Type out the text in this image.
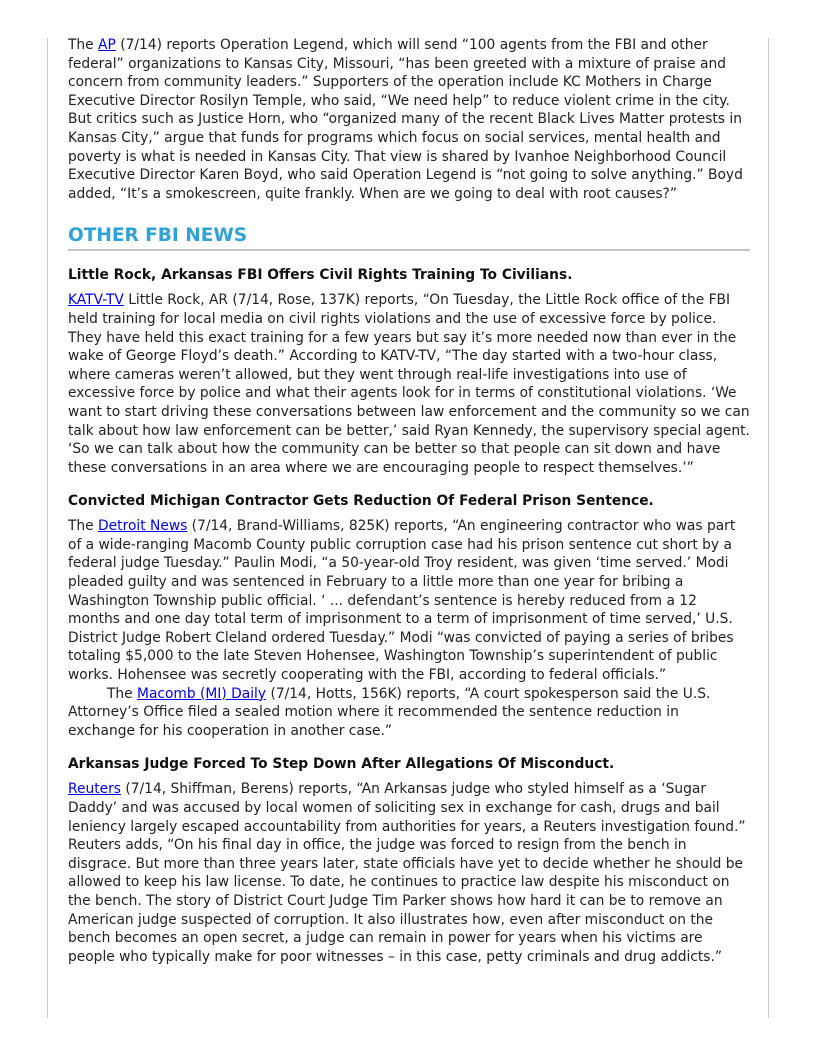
The AP (7/14) reports Operation Legend, which will send “100 agents from the FBI and other federal” organizations to Kansas City, Missouri, “has been greeted with a mixture of praise and concern from community leaders.” Supporters of the operation include KC Mothers in Charge Executive Director Rosilyn Temple, who said, “We need help” to reduce violent crime in the city. But critics such as Justice Horn, who “organized many of the recent Black Lives Matter protests in Kansas City,” argue that funds for programs which focus on social services, mental health and poverty is what is needed in Kansas City. That view is shared by Ivanhoe Neighborhood Council Executive Director Karen Boyd, who said Operation Legend is “not going to solve anything.” Boyd added, “It’s a smokescreen, quite frankly. When are we going to deal with root causes?”

OTHER FBI NEWS
Little Rock, Arkansas FBI Offers Civil Rights Training To Civilians.

KATV-TV Little Rock, AR (7/14, Rose, 137K) reports, “On Tuesday, the Little Rock office of the FBI held training for local media on civil rights violations and the use of excessive force by police. They have held this exact training for a few years but say it’s more needed now than ever in the wake of George Floyd’s death.” According to KATV-TV, “The day started with a two-hour class, where cameras weren’t allowed, but they went through real-life investigations into use of excessive force by police and what their agents look for in terms of constitutional violations. ‘We want to start driving these conversations between law enforcement and the community so we can talk about how law enforcement can be better,’ said Ryan Kennedy, the supervisory special agent. ‘So we can talk about how the community can be better so that people can sit down and have these conversations in an area where we are encouraging people to respect themselves.’”

Convicted Michigan Contractor Gets Reduction Of Federal Prison Sentence.

The Detroit News (7/14, Brand-Williams, 825K) reports, “An engineering contractor who was part of a wide-ranging Macomb County public corruption case had his prison sentence cut short by a federal judge Tuesday.” Paulin Modi, “a 50-year-old Troy resident, was given ‘time served.’ Modi pleaded guilty and was sentenced in February to a little more than one year for bribing a Washington Township public official. ‘ ... defendant’s sentence is hereby reduced from a 12 months and one day total term of imprisonment to a term of imprisonment of time served,’ U.S. District Judge Robert Cleland ordered Tuesday.” Modi “was convicted of paying a series of bribes totaling $5,000 to the late Steven Hohensee, Washington Township’s superintendent of public works. Hohensee was secretly cooperating with the FBI, according to federal officials.”

The Macomb (MI) Daily (7/14, Hotts, 156K) reports, “A court spokesperson said the U.S. Attorney’s Office filed a sealed motion where it recommended the sentence reduction in exchange for his cooperation in another case.”

Arkansas Judge Forced To Step Down After Allegations Of Misconduct.

Reuters (7/14, Shiffman, Berens) reports, “An Arkansas judge who styled himself as a ‘Sugar Daddy’ and was accused by local women of soliciting sex in exchange for cash, drugs and bail leniency largely escaped accountability from authorities for years, a Reuters investigation found.” Reuters adds, “On his final day in office, the judge was forced to resign from the bench in disgrace. But more than three years later, state officials have yet to decide whether he should be allowed to keep his law license. To date, he continues to practice law despite his misconduct on the bench. The story of District Court Judge Tim Parker shows how hard it can be to remove an American judge suspected of corruption. It also illustrates how, even after misconduct on the bench becomes an open secret, a judge can remain in power for years when his victims are people who typically make for poor witnesses – in this case, petty criminals and drug addicts.”
